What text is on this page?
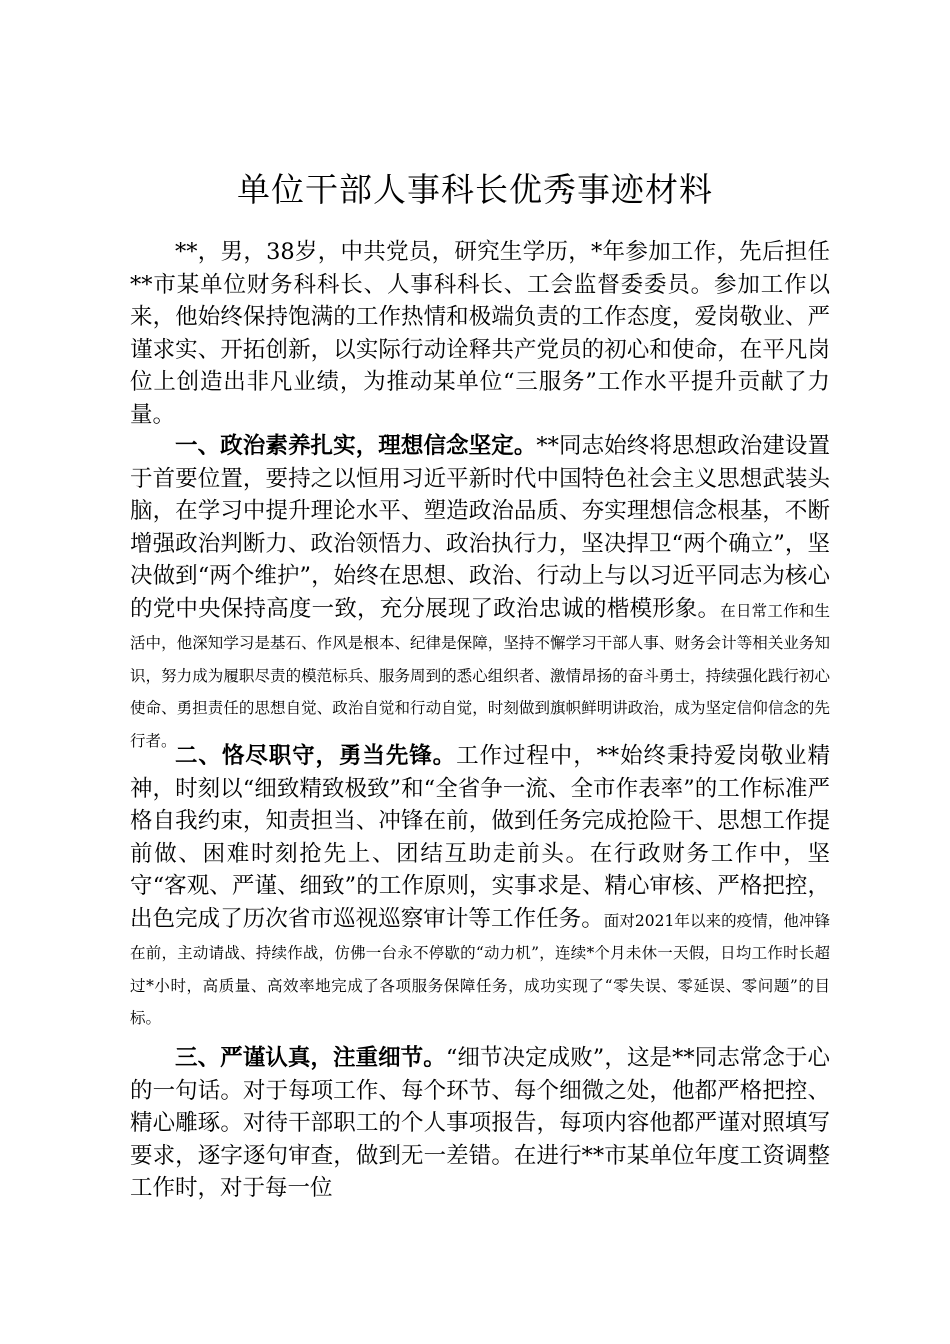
单位干部人事科长优秀事迹材料

**，男，38岁，中共党员，研究生学历，*年参加工作，先后担任**市某单位财务科科长、人事科科长、工会监督委委员。参加工作以来，他始终保持饱满的工作热情和极端负责的工作态度，爱岗敬业、严谨求实、开拓创新，以实际行动诠释共产党员的初心和使命，在平凡岗位上创造出非凡业绩，为推动某单位“三服务”工作水平提升贡献了力量。

一、政治素养扎实，理想信念坚定。**同志始终将思想政治建设置于首要位置，要持之以恒用习近平新时代中国特色社会主义思想武装头脑，在学习中提升理论水平、塑造政治品质、夯实理想信念根基，不断增强政治判断力、政治领悟力、政治执行力，坚决捍卫“两个确立”，坚决做到“两个维护”，始终在思想、政治、行动上与以习近平同志为核心的党中央保持高度一致，充分展现了政治忠诚的楷模形象。在日常工作和生活中，他深知学习是基石、作风是根本、纪律是保障，坚持不懈学习干部人事、财务会计等相关业务知识，努力成为履职尽责的模范标兵、服务周到的悉心组织者、激情昂扬的奋斗勇士，持续强化践行初心使命、勇担责任的思想自觉、政治自觉和行动自觉，时刻做到旗帜鲜明讲政治，成为坚定信仰信念的先行者。

二、恪尽职守，勇当先锋。工作过程中，**始终秉持爱岗敬业精神，时刻以“细致精致极致”和“全省争一流、全市作表率”的工作标准严格自我约束，知责担当、冲锋在前，做到任务完成抢险干、思想工作提前做、困难时刻抢先上、团结互助走前头。在行政财务工作中，坚守“客观、严谨、细致”的工作原则，实事求是、精心审核、严格把控，出色完成了历次省市巡视巡察审计等工作任务。面对2021年以来的疫情，他冲锋在前，主动请战、持续作战，仿佛一台永不停歇的“动力机”，连续*个月未休一天假，日均工作时长超过*小时，高质量、高效率地完成了各项服务保障任务，成功实现了“零失误、零延误、零问题”的目标。

三、严谨认真，注重细节。“细节决定成败”，这是**同志常念于心的一句话。对于每项工作、每个环节、每个细微之处，他都严格把控、精心雕琢。对待干部职工的个人事项报告，每项内容他都严谨对照填写要求，逐字逐句审查，做到无一差错。在进行**市某单位年度工资调整工作时，对于每一位
